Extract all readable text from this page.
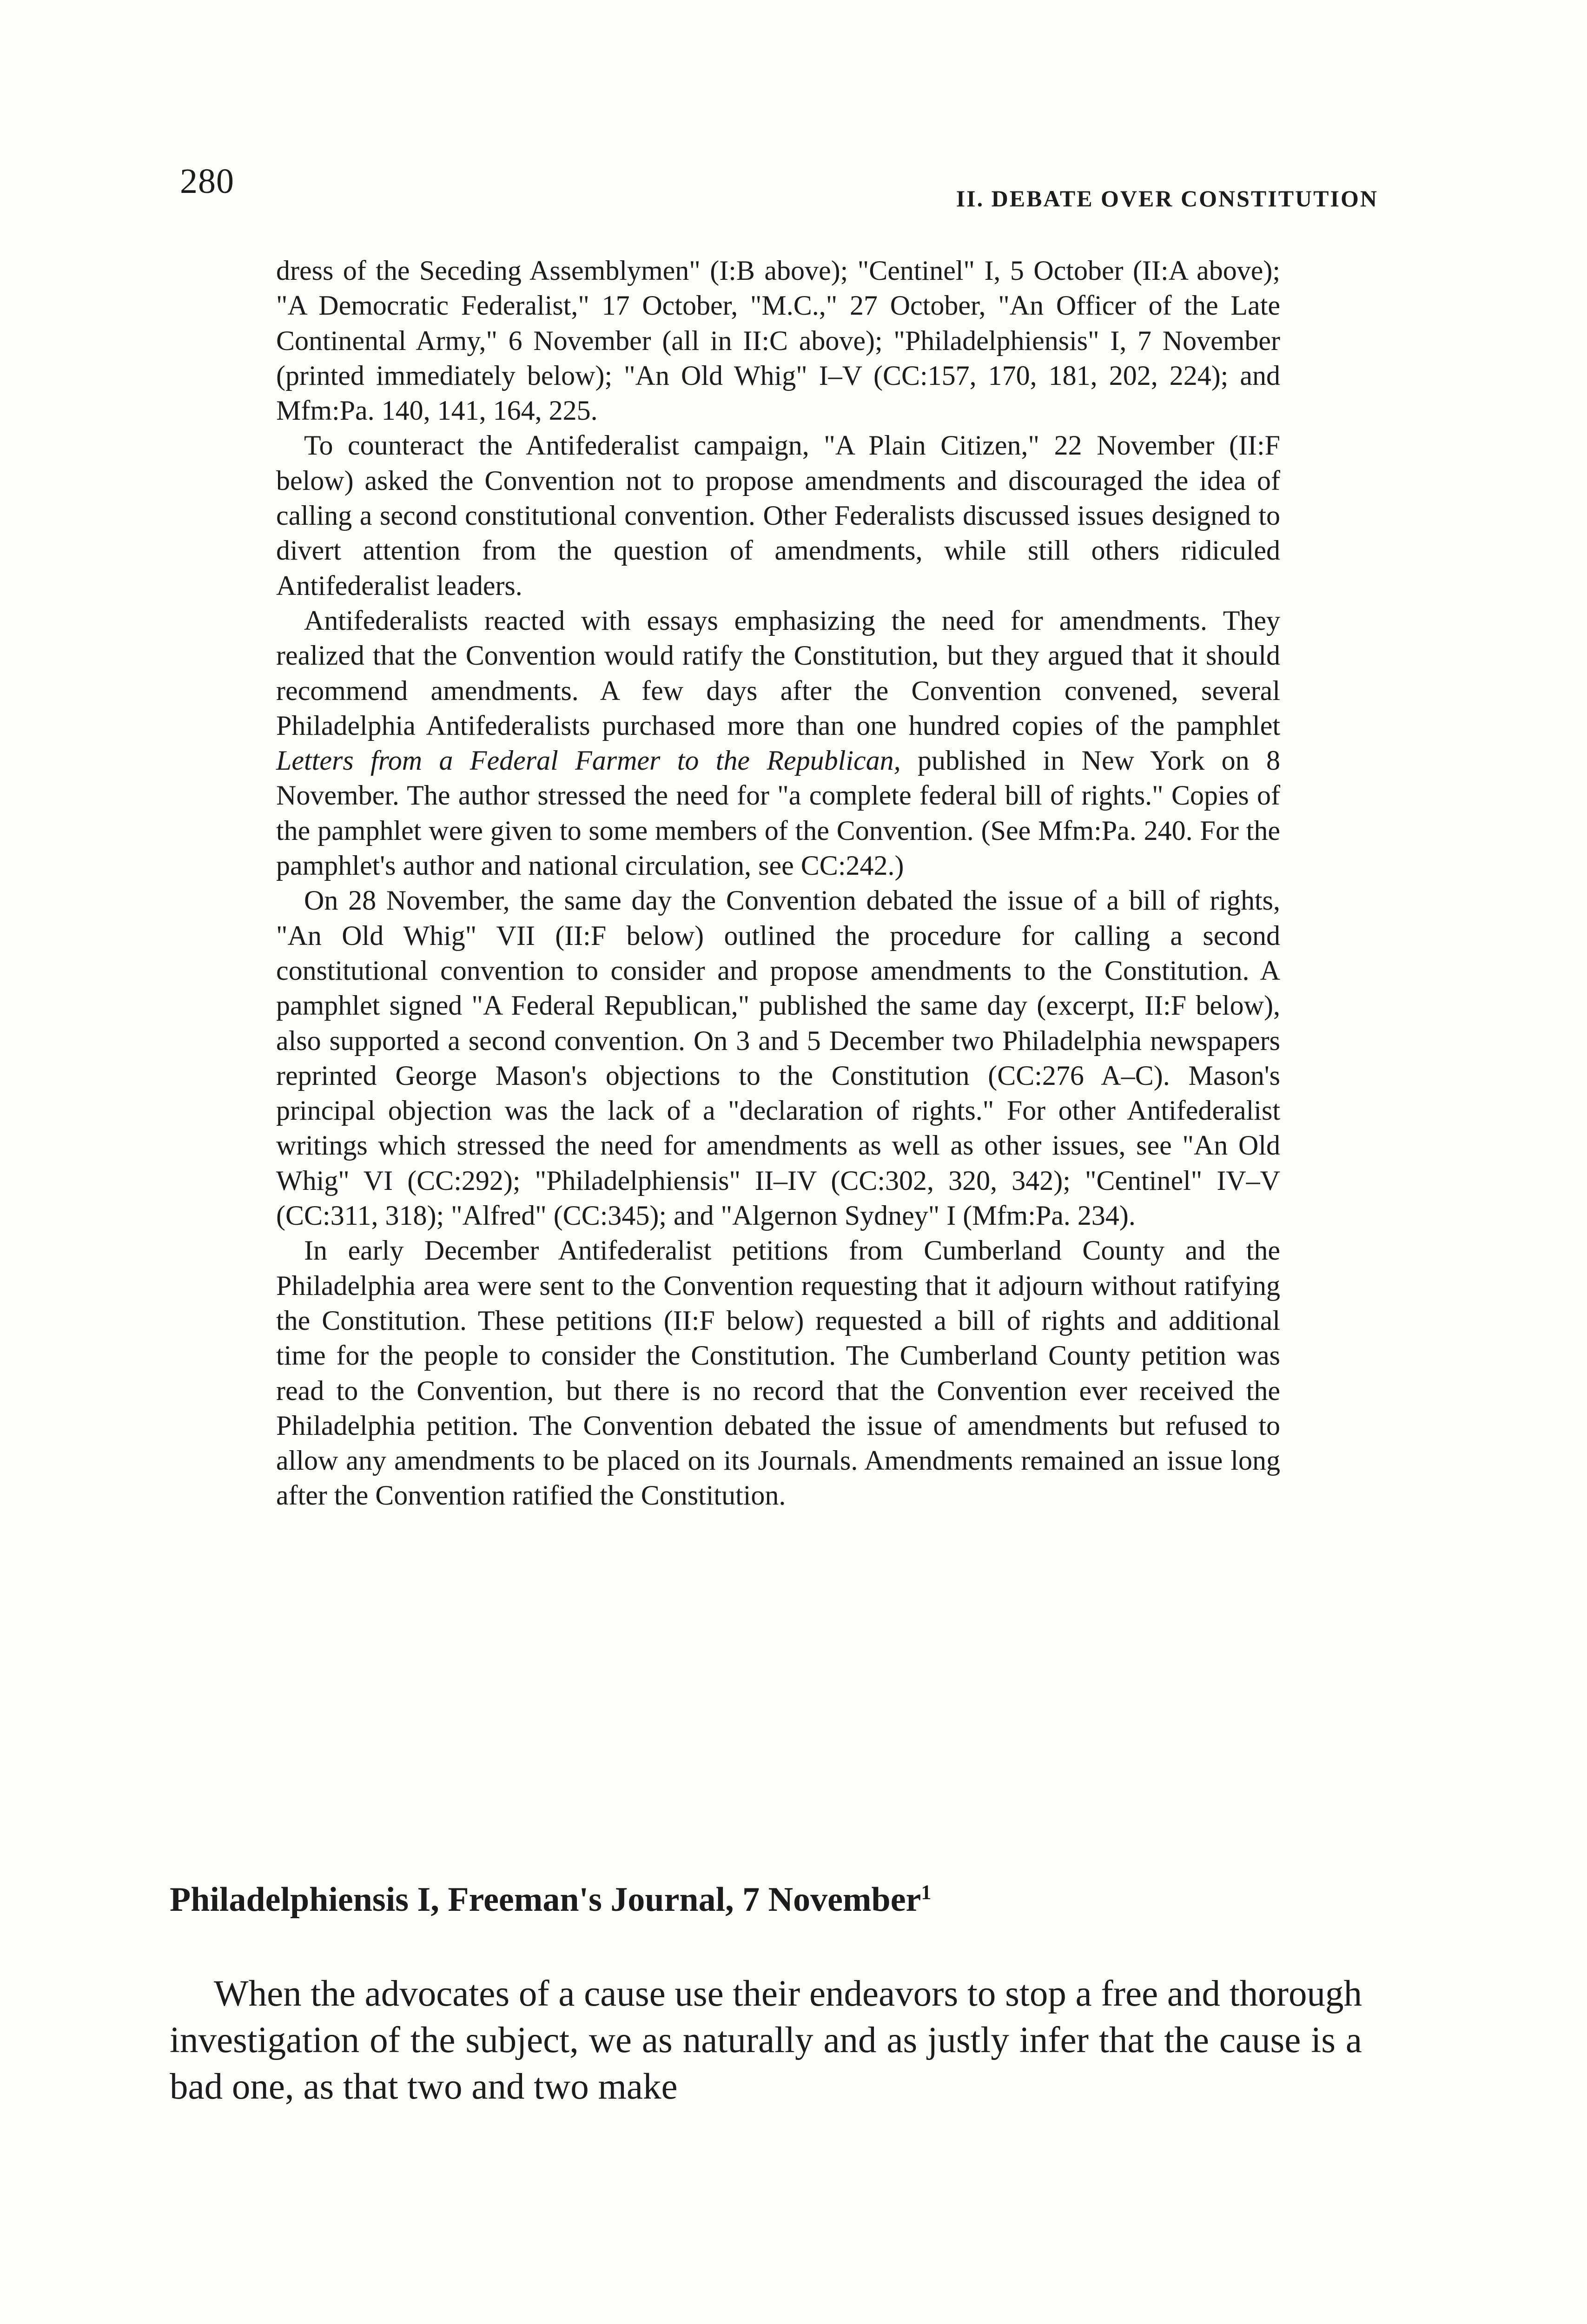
280	II. DEBATE OVER CONSTITUTION

dress of the Seceding Assemblymen" (I:B above); "Centinel" I, 5 October (II:A above); "A Democratic Federalist," 17 October, "M.C.," 27 October, "An Officer of the Late Continental Army," 6 November (all in II:C above); "Philadelphiensis" I, 7 November (printed immediately below); "An Old Whig" I–V (CC:157, 170, 181, 202, 224); and Mfm:Pa. 140, 141, 164, 225.

To counteract the Antifederalist campaign, "A Plain Citizen," 22 November (II:F below) asked the Convention not to propose amendments and discouraged the idea of calling a second constitutional convention. Other Federalists discussed issues designed to divert attention from the question of amendments, while still others ridiculed Antifederalist leaders.

Antifederalists reacted with essays emphasizing the need for amendments. They realized that the Convention would ratify the Constitution, but they argued that it should recommend amendments. A few days after the Convention convened, several Philadelphia Antifederalists purchased more than one hundred copies of the pamphlet Letters from a Federal Farmer to the Republican, published in New York on 8 November. The author stressed the need for "a complete federal bill of rights." Copies of the pamphlet were given to some members of the Convention. (See Mfm:Pa. 240. For the pamphlet's author and national circulation, see CC:242.)

On 28 November, the same day the Convention debated the issue of a bill of rights, "An Old Whig" VII (II:F below) outlined the procedure for calling a second constitutional convention to consider and propose amendments to the Constitution. A pamphlet signed "A Federal Republican," published the same day (excerpt, II:F below), also supported a second convention. On 3 and 5 December two Philadelphia newspapers reprinted George Mason's objections to the Constitution (CC:276 A–C). Mason's principal objection was the lack of a "declaration of rights." For other Antifederalist writings which stressed the need for amendments as well as other issues, see "An Old Whig" VI (CC:292); "Philadelphiensis" II–IV (CC:302, 320, 342); "Centinel" IV–V (CC:311, 318); "Alfred" (CC:345); and "Algernon Sydney" I (Mfm:Pa. 234).

In early December Antifederalist petitions from Cumberland County and the Philadelphia area were sent to the Convention requesting that it adjourn without ratifying the Constitution. These petitions (II:F below) requested a bill of rights and additional time for the people to consider the Constitution. The Cumberland County petition was read to the Convention, but there is no record that the Convention ever received the Philadelphia petition. The Convention debated the issue of amendments but refused to allow any amendments to be placed on its Journals. Amendments remained an issue long after the Convention ratified the Constitution.

Philadelphiensis I, Freeman's Journal, 7 November$^1$

When the advocates of a cause use their endeavors to stop a free and thorough investigation of the subject, we as naturally and as justly infer that the cause is a bad one, as that two and two make
